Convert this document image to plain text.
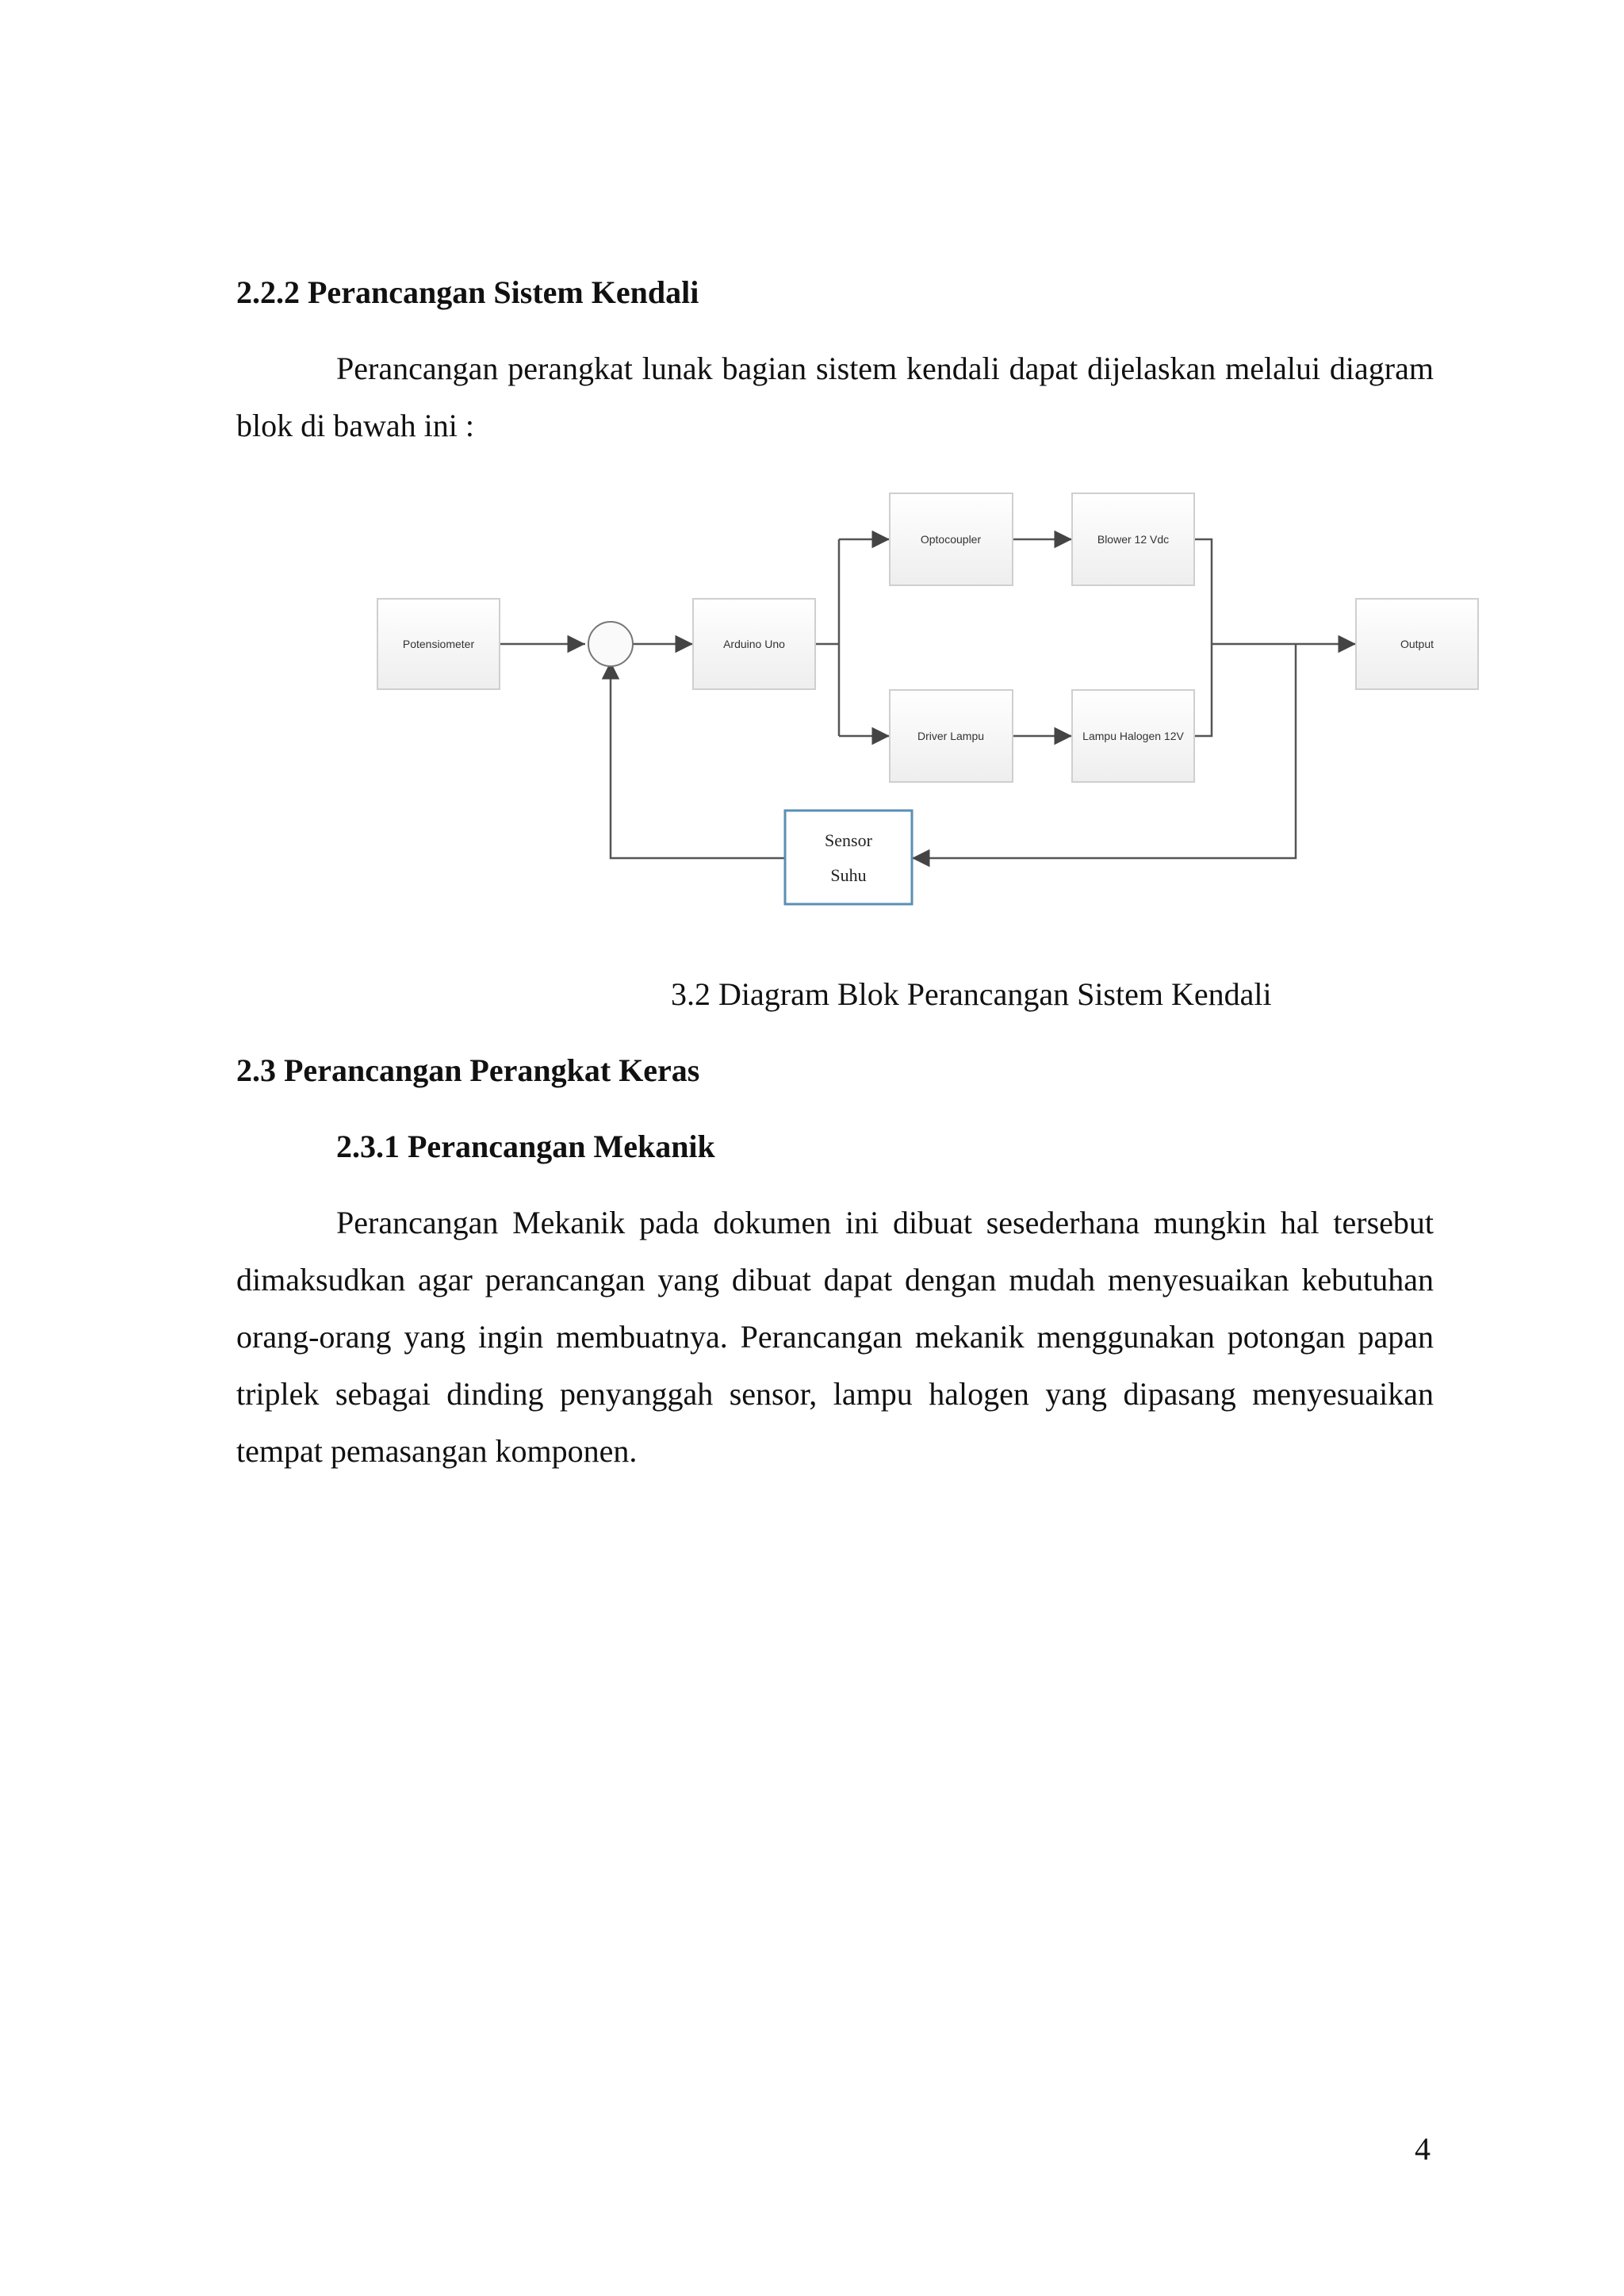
2.2.2 Perancangan Sistem Kendali

Perancangan perangkat lunak bagian sistem kendali dapat dijelaskan melalui diagram blok di bawah ini :

Potensiometer	Arduino Uno
Optocoupler	Blower 12 Vdc
Driver Lampu	Lampu Halogen 12V
Output
Sensor
Suhu

3.2 Diagram Blok Perancangan Sistem Kendali

2.3 Perancangan Perangkat Keras
2.3.1 Perancangan Mekanik

Perancangan Mekanik pada dokumen ini dibuat sesederhana mungkin hal tersebut dimaksudkan agar perancangan yang dibuat dapat dengan mudah menyesuaikan kebutuhan orang-orang yang ingin membuatnya. Perancangan mekanik menggunakan potongan papan triplek sebagai dinding penyanggah sensor, lampu halogen yang dipasang menyesuaikan tempat pemasangan komponen.

4
